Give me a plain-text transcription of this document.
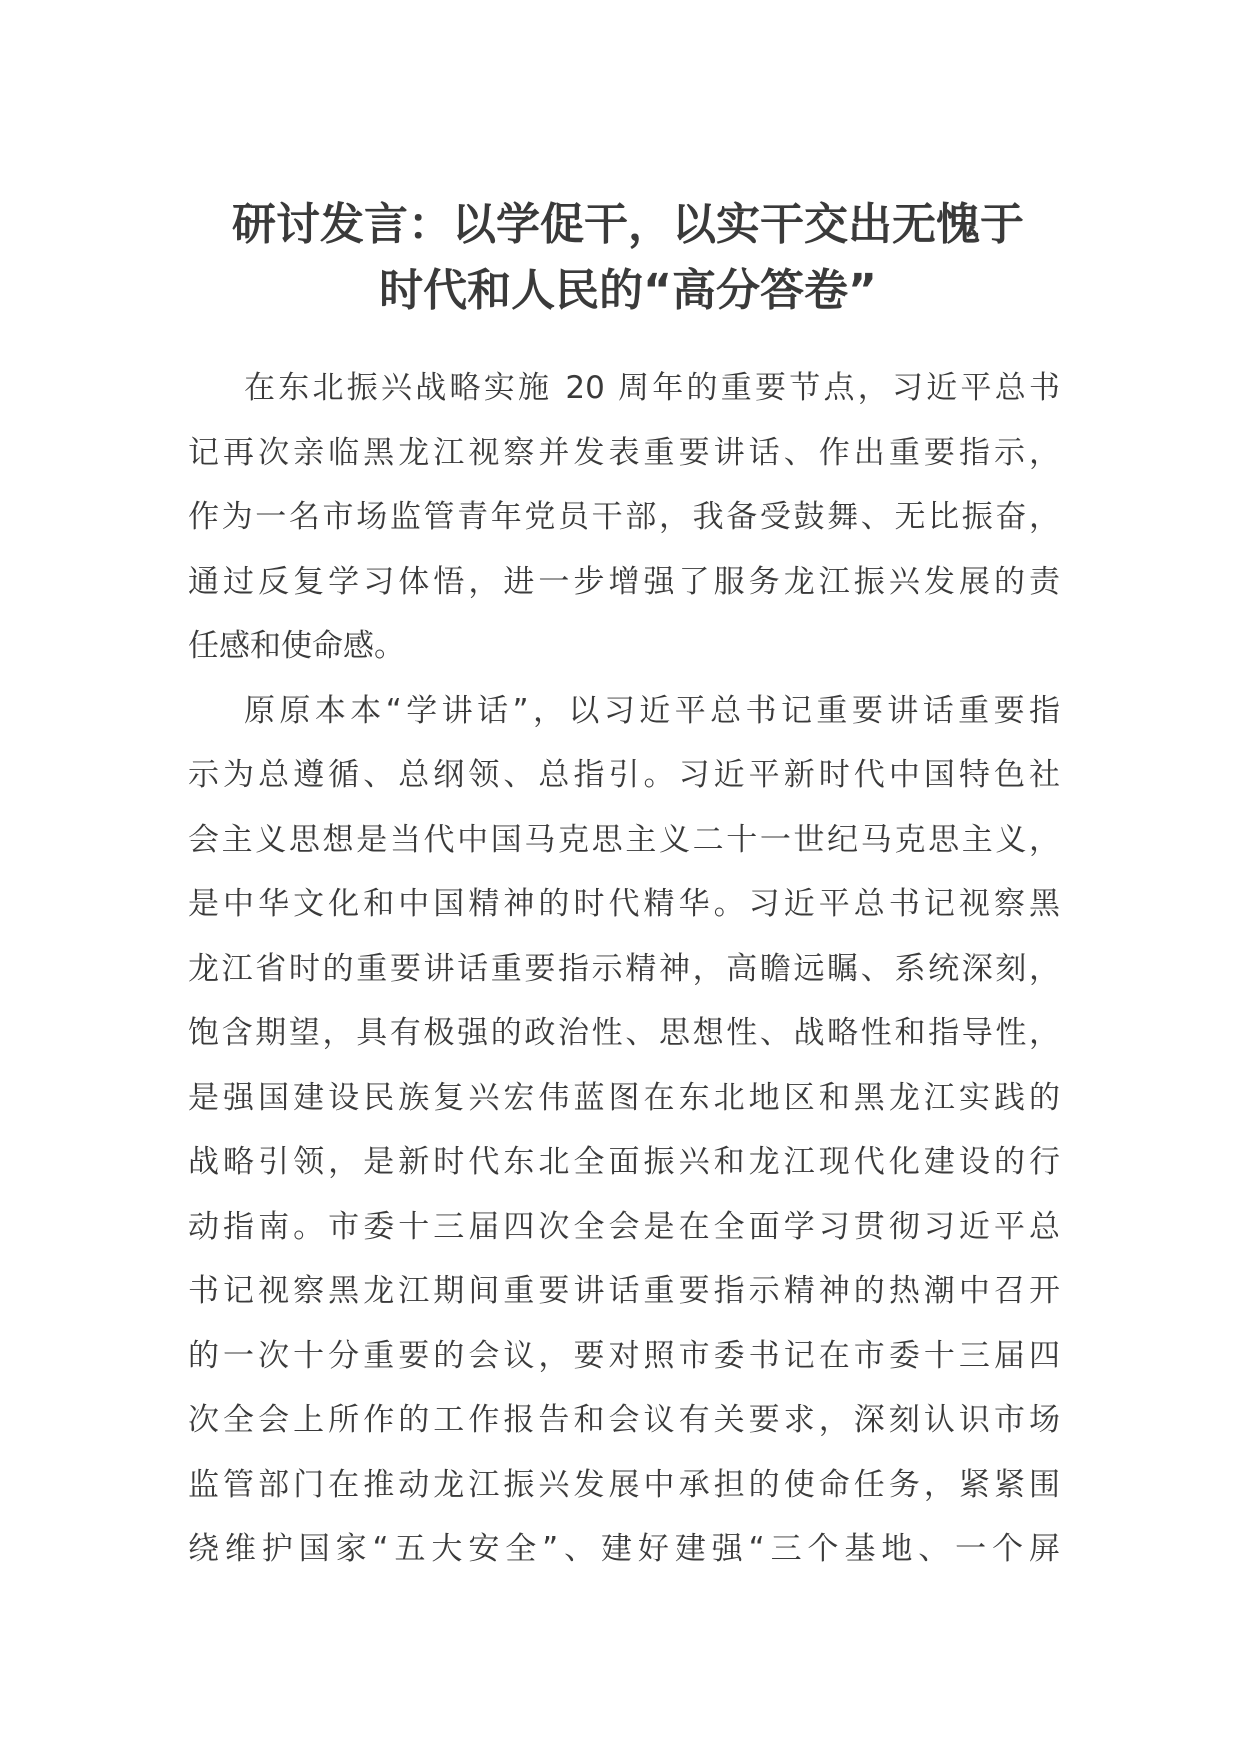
研讨发言：以学促干，以实干交出无愧于
时代和人民的“高分答卷”
在东北振兴战略实施 20 周年的重要节点，习近平总书
记再次亲临黑龙江视察并发表重要讲话、作出重要指示，
作为一名市场监管青年党员干部，我备受鼓舞、无比振奋，
通过反复学习体悟，进一步增强了服务龙江振兴发展的责
任感和使命感。
原原本本“学讲话”，以习近平总书记重要讲话重要指
示为总遵循、总纲领、总指引。习近平新时代中国特色社
会主义思想是当代中国马克思主义二十一世纪马克思主义，
是中华文化和中国精神的时代精华。习近平总书记视察黑
龙江省时的重要讲话重要指示精神，高瞻远瞩、系统深刻，
饱含期望，具有极强的政治性、思想性、战略性和指导性，
是强国建设民族复兴宏伟蓝图在东北地区和黑龙江实践的
战略引领，是新时代东北全面振兴和龙江现代化建设的行
动指南。市委十三届四次全会是在全面学习贯彻习近平总
书记视察黑龙江期间重要讲话重要指示精神的热潮中召开
的一次十分重要的会议，要对照市委书记在市委十三届四
次全会上所作的工作报告和会议有关要求，深刻认识市场
监管部门在推动龙江振兴发展中承担的使命任务，紧紧围
绕维护国家“五大安全”、建好建强“三个基地、一个屏
